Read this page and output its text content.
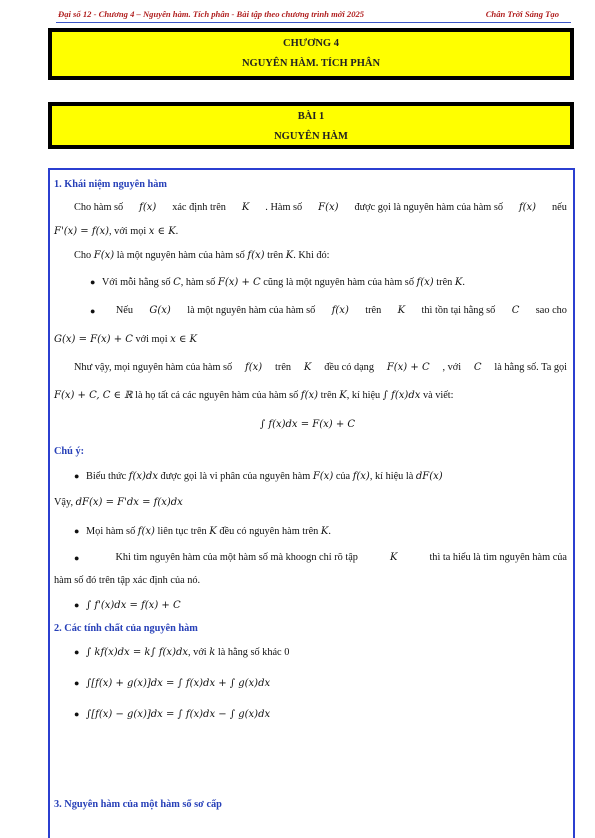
Đại số 12 - Chương 4 – Nguyên hàm. Tích phân - Bài tập theo chương trình mới 2025	Chân Trời Sáng Tạo
CHƯƠNG 4
NGUYÊN HÀM. TÍCH PHÂN
BÀI 1
NGUYÊN HÀM
1. Khái niệm nguyên hàm
Cho hàm số f(x) xác định trên K . Hàm số F(x) được gọi là nguyên hàm của hàm số f(x) nếu
F'(x) = f(x), với mọi x ∈ K.
Cho F(x) là một nguyên hàm của hàm số f(x) trên K. Khi đó:
● Với mỗi hằng số C, hàm số F(x) + C cũng là một nguyên hàm của hàm số f(x) trên K.
● Nếu G(x) là một nguyên hàm của hàm số f(x) trên K thì tồn tại hằng số C sao cho
G(x) = F(x) + C với mọi x ∈ K
Như vậy, mọi nguyên hàm của hàm số f(x) trên K đều có dạng F(x) + C , với C là hằng số. Ta gọi
F(x) + C, C ∈ ℝ là họ tất cả các nguyên hàm của hàm số f(x) trên K, kí hiệu ∫ f(x)dx và viết:
∫ f(x)dx = F(x) + C
Chú ý:
● Biểu thức f(x)dx được gọi là vi phân của nguyên hàm F(x) của f(x), kí hiệu là dF(x)
Vậy, dF(x) = F'dx = f(x)dx
● Mọi hàm số f(x) liên tục trên K đều có nguyên hàm trên K.
●	Khi tìm nguyên hàm của một hàm số mà khoogn chỉ rõ tập	K	thì ta hiểu là tìm nguyên hàm của
hàm số đó trên tập xác định của nó.
● ∫ f'(x)dx = f(x) + C
2. Các tính chất của nguyên hàm
● ∫ kf(x)dx = k∫ f(x)dx, với k là hằng số khác 0
● ∫[f(x) + g(x)]dx = ∫ f(x)dx + ∫ g(x)dx
● ∫[f(x) − g(x)]dx = ∫ f(x)dx − ∫ g(x)dx
3. Nguyên hàm của một hàm số sơ cấp
